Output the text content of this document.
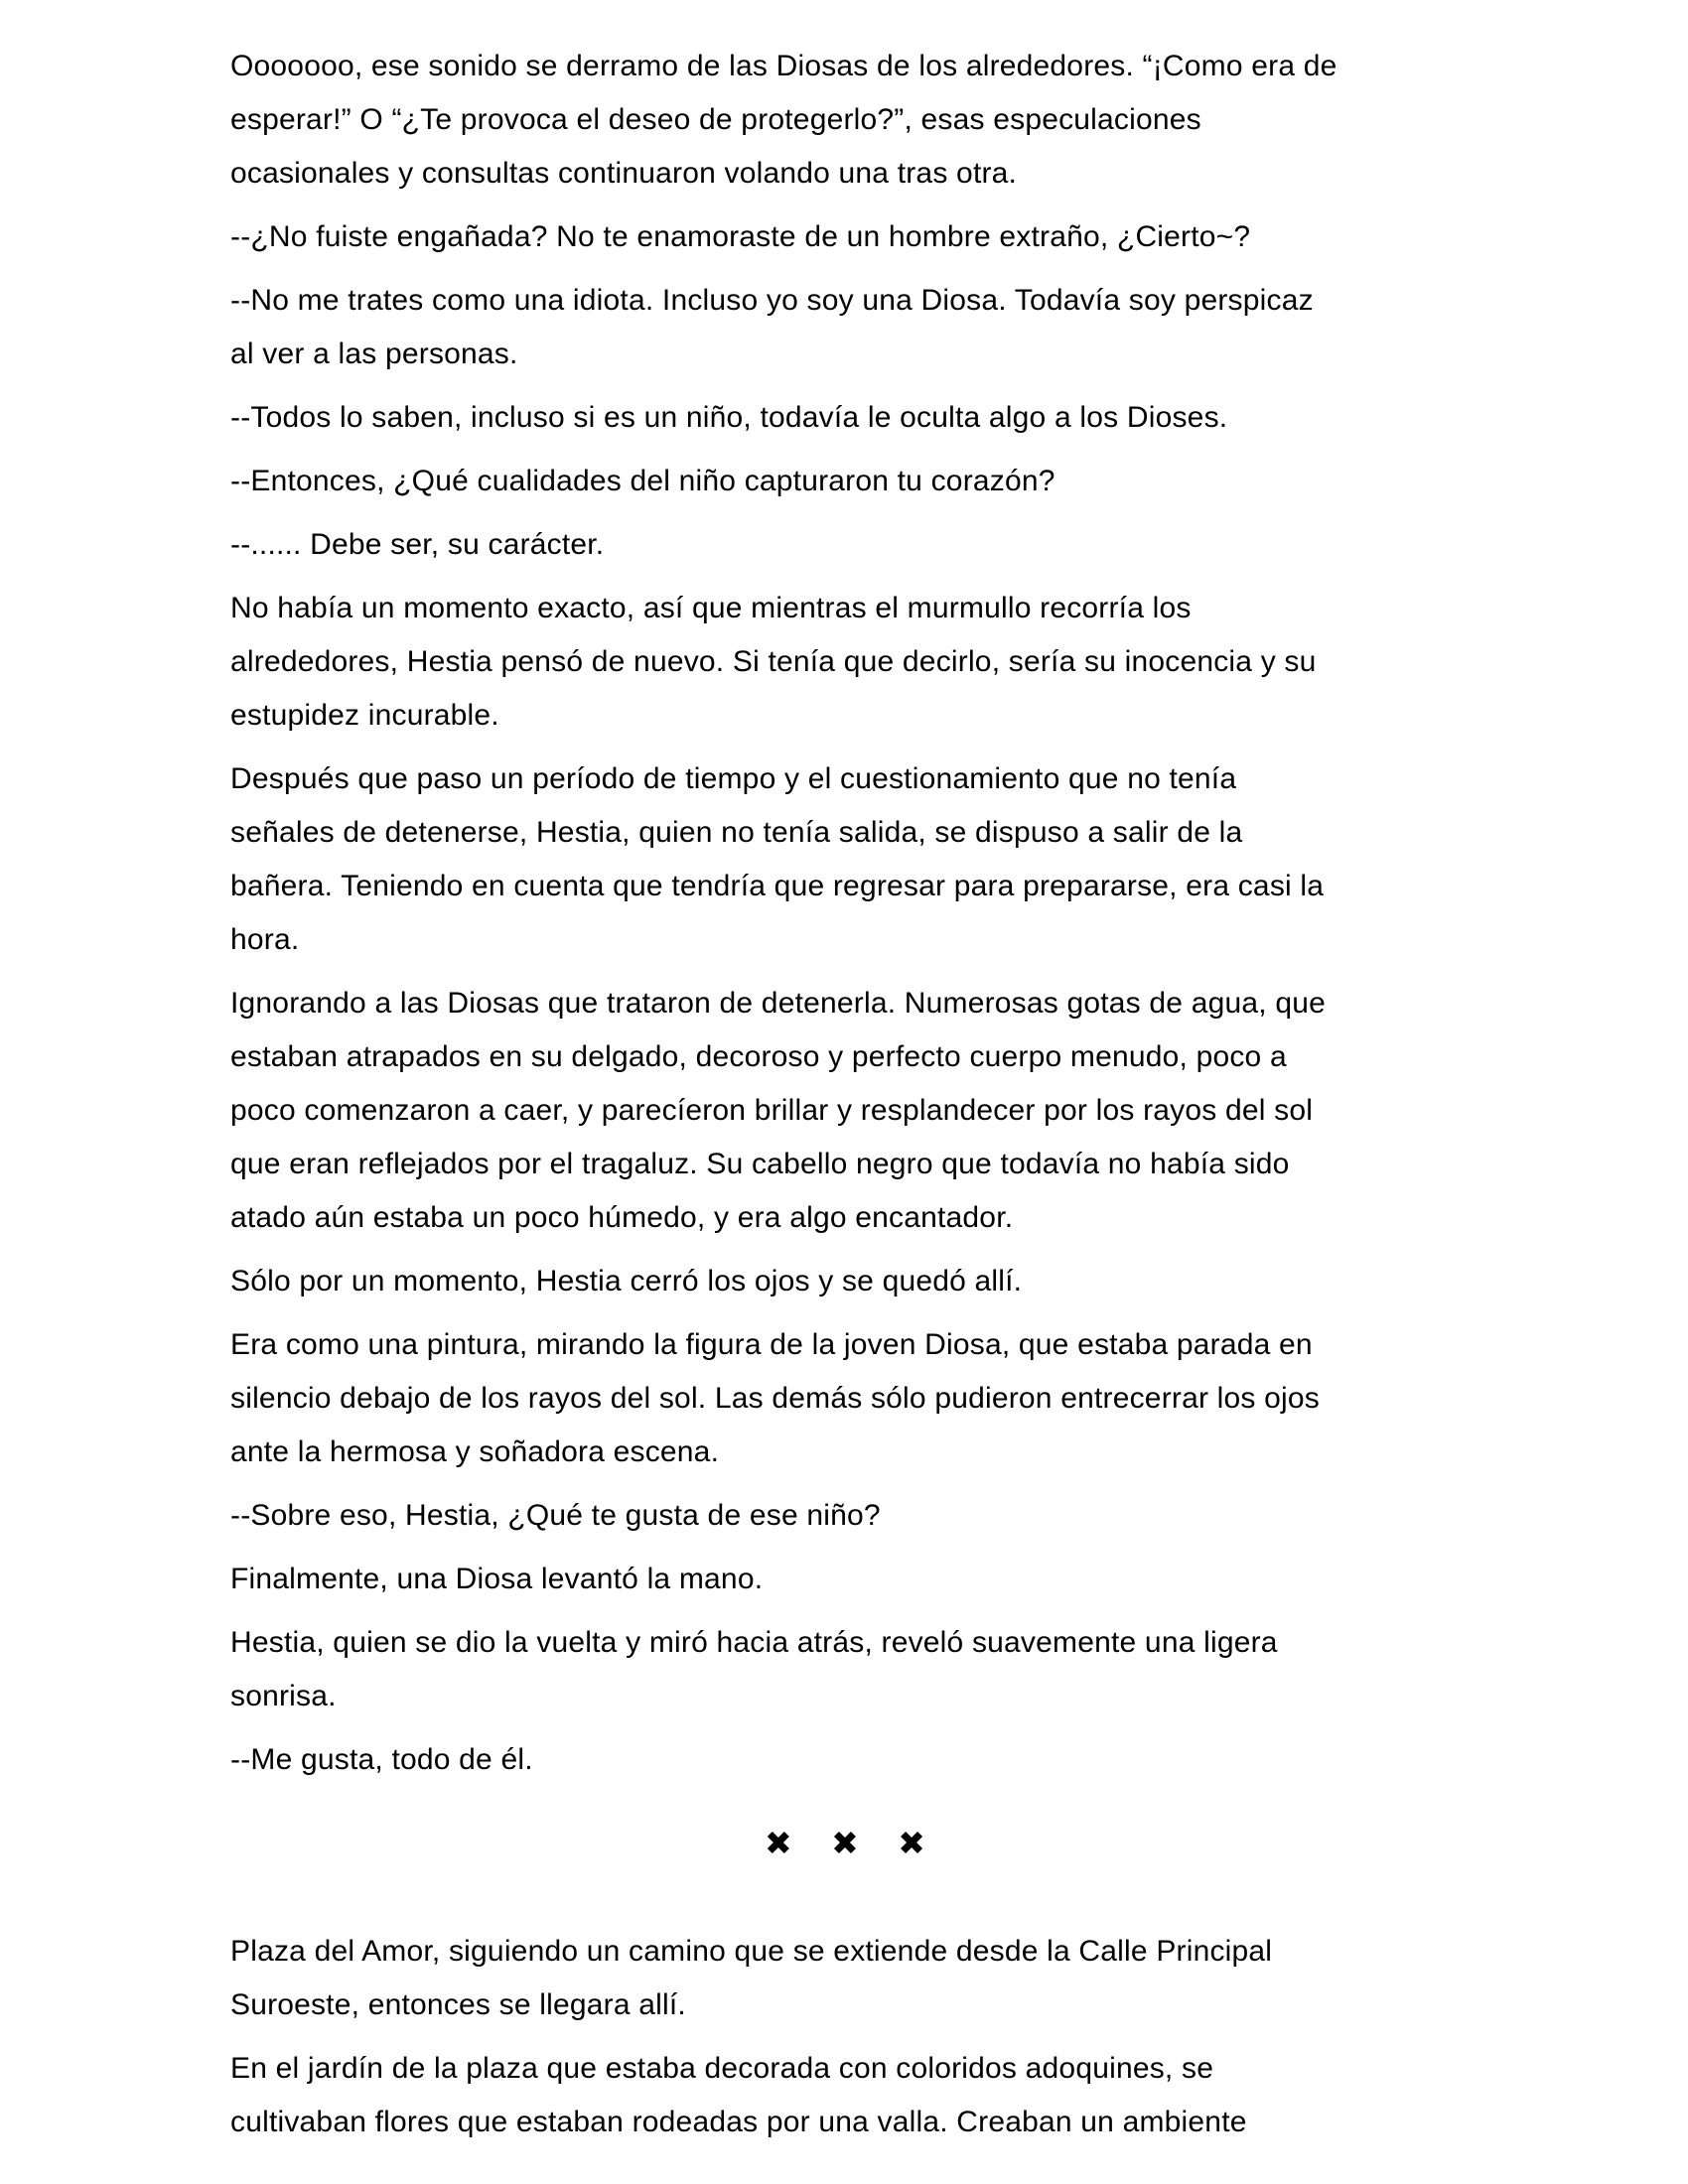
Ooooooo, ese sonido se derramo de las Diosas de los alrededores. “¡Como era de
esperar!” O “¿Te provoca el deseo de protegerlo?”, esas especulaciones
ocasionales y consultas continuaron volando una tras otra.

--¿No fuiste engañada? No te enamoraste de un hombre extraño, ¿Cierto~?

--No me trates como una idiota. Incluso yo soy una Diosa. Todavía soy perspicaz
al ver a las personas.

--Todos lo saben, incluso si es un niño, todavía le oculta algo a los Dioses.

--Entonces, ¿Qué cualidades del niño capturaron tu corazón?

--...... Debe ser, su carácter.

No había un momento exacto, así que mientras el murmullo recorría los
alrededores, Hestia pensó de nuevo. Si tenía que decirlo, sería su inocencia y su
estupidez incurable.

Después que paso un período de tiempo y el cuestionamiento que no tenía
señales de detenerse, Hestia, quien no tenía salida, se dispuso a salir de la
bañera. Teniendo en cuenta que tendría que regresar para prepararse, era casi la
hora.

Ignorando a las Diosas que trataron de detenerla. Numerosas gotas de agua, que
estaban atrapados en su delgado, decoroso y perfecto cuerpo menudo, poco a
poco comenzaron a caer, y parecíeron brillar y resplandecer por los rayos del sol
que eran reflejados por el tragaluz. Su cabello negro que todavía no había sido
atado aún estaba un poco húmedo, y era algo encantador.

Sólo por un momento, Hestia cerró los ojos y se quedó allí.

Era como una pintura, mirando la figura de la joven Diosa, que estaba parada en
silencio debajo de los rayos del sol. Las demás sólo pudieron entrecerrar los ojos
ante la hermosa y soñadora escena.

--Sobre eso, Hestia, ¿Qué te gusta de ese niño?

Finalmente, una Diosa levantó la mano.

Hestia, quien se dio la vuelta y miró hacia atrás, reveló suavemente una ligera
sonrisa.

--Me gusta, todo de él.

✖ ✖ ✖

Plaza del Amor, siguiendo un camino que se extiende desde la Calle Principal
Suroeste, entonces se llegara allí.

En el jardín de la plaza que estaba decorada con coloridos adoquines, se
cultivaban flores que estaban rodeadas por una valla. Creaban un ambiente
